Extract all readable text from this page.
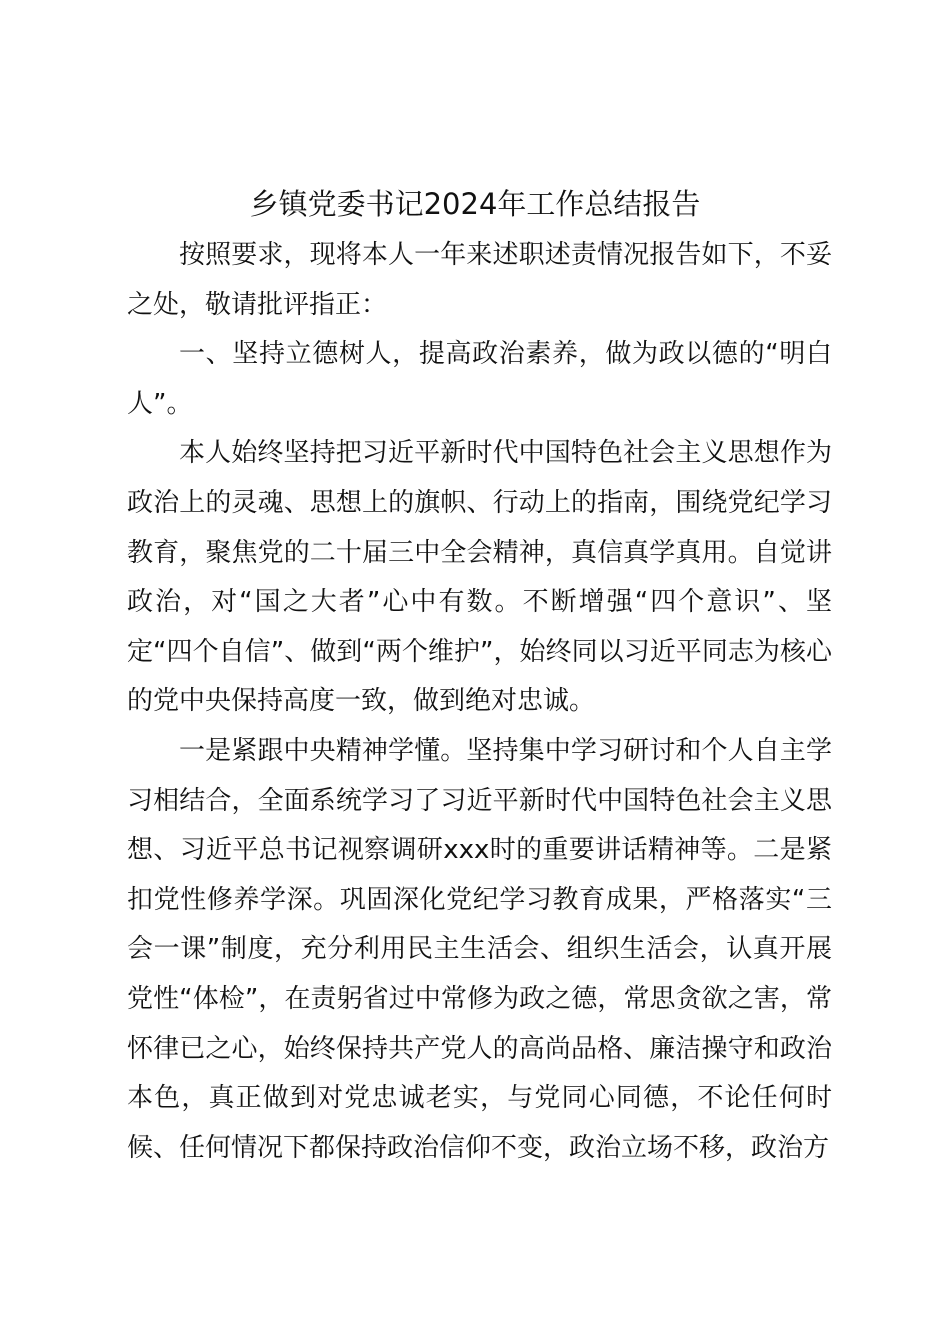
乡镇党委书记2024年工作总结报告

按照要求，现将本人一年来述职述责情况报告如下，不妥之处，敬请批评指正：

一、坚持立德树人，提高政治素养，做为政以德的“明白人”。

本人始终坚持把习近平新时代中国特色社会主义思想作为政治上的灵魂、思想上的旗帜、行动上的指南，围绕党纪学习教育，聚焦党的二十届三中全会精神，真信真学真用。自觉讲政治，对“国之大者”心中有数。不断增强“四个意识”、坚定“四个自信”、做到“两个维护”，始终同以习近平同志为核心的党中央保持高度一致，做到绝对忠诚。

一是紧跟中央精神学懂。坚持集中学习研讨和个人自主学习相结合，全面系统学习了习近平新时代中国特色社会主义思想、习近平总书记视察调研xxx时的重要讲话精神等。二是紧扣党性修养学深。巩固深化党纪学习教育成果，严格落实“三会一课”制度，充分利用民主生活会、组织生活会，认真开展党性“体检”，在责躬省过中常修为政之德，常思贪欲之害，常怀律已之心，始终保持共产党人的高尚品格、廉洁操守和政治本色，真正做到对党忠诚老实，与党同心同德，不论任何时候、任何情况下都保持政治信仰不变，政治立场不移，政治方
